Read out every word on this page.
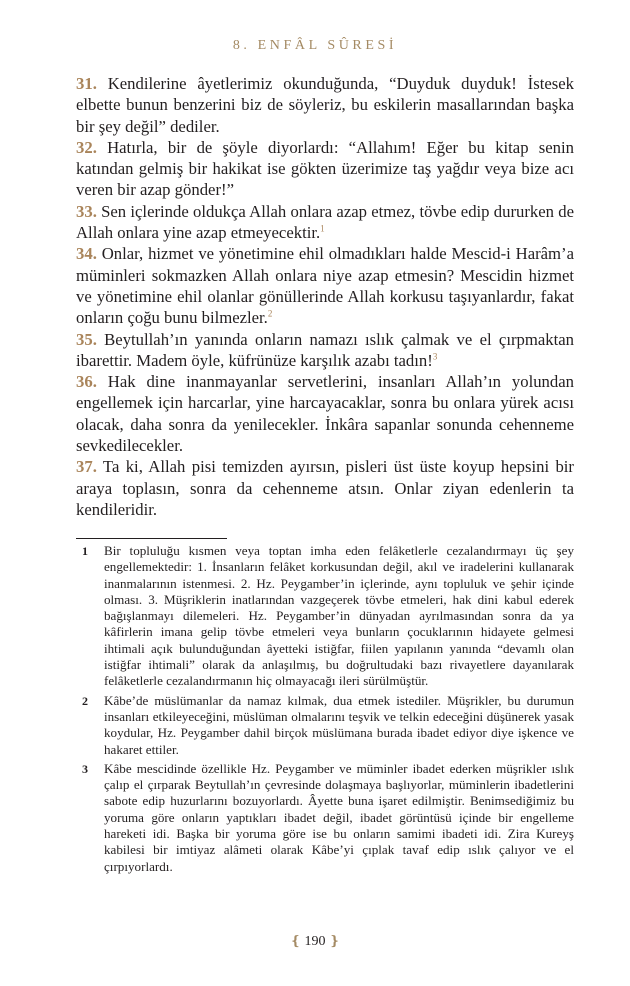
8. ENFÂL SÛRESİ

31. Kendilerine âyetlerimiz okunduğunda, “Duyduk duyduk! İstesek elbette bunun benzerini biz de söyleriz, bu eskilerin masallarından başka bir şey değil” dediler.

32. Hatırla, bir de şöyle diyorlardı: “Allahım! Eğer bu kitap senin katından gelmiş bir hakikat ise gökten üzerimize taş yağdır veya bize acı veren bir azap gönder!”

33. Sen içlerinde oldukça Allah onlara azap etmez, tövbe edip dururken de Allah onlara yine azap etmeyecektir.$^1$

34. Onlar, hizmet ve yönetimine ehil olmadıkları halde Mescid-i Harâm’a müminleri sokmazken Allah onlara niye azap etmesin? Mescidin hizmet ve yönetimine ehil olanlar gönüllerinde Allah korkusu taşıyanlardır, fakat onların çoğu bunu bilmezler.$^2$

35. Beytullah’ın yanında onların namazı ıslık çalmak ve el çırpmaktan ibarettir. Madem öyle, küfrünüze karşılık azabı tadın!$^3$

36. Hak dine inanmayanlar servetlerini, insanları Allah’ın yolundan engellemek için harcarlar, yine harcayacaklar, sonra bu onlara yürek acısı olacak, daha sonra da yenilecekler. İnkâra sapanlar sonunda cehenneme sevkedilecekler.

37. Ta ki, Allah pisi temizden ayırsın, pisleri üst üste koyup hepsini bir araya toplasın, sonra da cehenneme atsın. Onlar ziyan edenlerin ta kendileridir.

1	Bir topluluğu kısmen veya toptan imha eden felâketlerle cezalandırmayı üç şey engellemektedir: 1. İnsanların felâket korkusundan değil, akıl ve iradelerini kullanarak inanmalarının istenmesi. 2. Hz. Peygamber’in içlerinde, aynı topluluk ve şehir içinde olması. 3. Müşriklerin inatlarından vazgeçerek tövbe etmeleri, hak dini kabul ederek bağışlanmayı dilemeleri. Hz. Peygamber’in dünyadan ayrılmasından sonra da ya kâfirlerin imana gelip tövbe etmeleri veya bunların çocuklarının hidayete gelmesi ihtimali açık bulunduğundan âyetteki istiğfar, fiilen yapılanın yanında “devamlı olan istiğfar ihtimali” olarak da anlaşılmış, bu doğrultudaki bazı rivayetlere dayanılarak felâketlerle cezalandırmanın hiç olmayacağı ileri sürülmüştür.
2	Kâbe’de müslümanlar da namaz kılmak, dua etmek istediler. Müşrikler, bu durumun insanları etkileyeceğini, müslüman olmalarını teşvik ve telkin edeceğini düşünerek yasak koydular, Hz. Peygamber dahil birçok müslümana burada ibadet ediyor diye işkence ve hakaret ettiler.
3	Kâbe mescidinde özellikle Hz. Peygamber ve müminler ibadet ederken müşrikler ıslık çalıp el çırparak Beytullah’ın çevresinde dolaşmaya başlıyorlar, müminlerin ibadetlerini sabote edip huzurlarını bozuyorlardı. Âyette buna işaret edilmiştir. Benimsediğimiz bu yoruma göre onların yaptıkları ibadet değil, ibadet görüntüsü içinde bir engelleme hareketi idi. Başka bir yoruma göre ise bu onların samimi ibadeti idi. Zira Kureyş kabilesi bir imtiyaz alâmeti olarak Kâbe’yi çıplak tavaf edip ıslık çalıyor ve el çırpıyorlardı.
❴ 190 ❵
